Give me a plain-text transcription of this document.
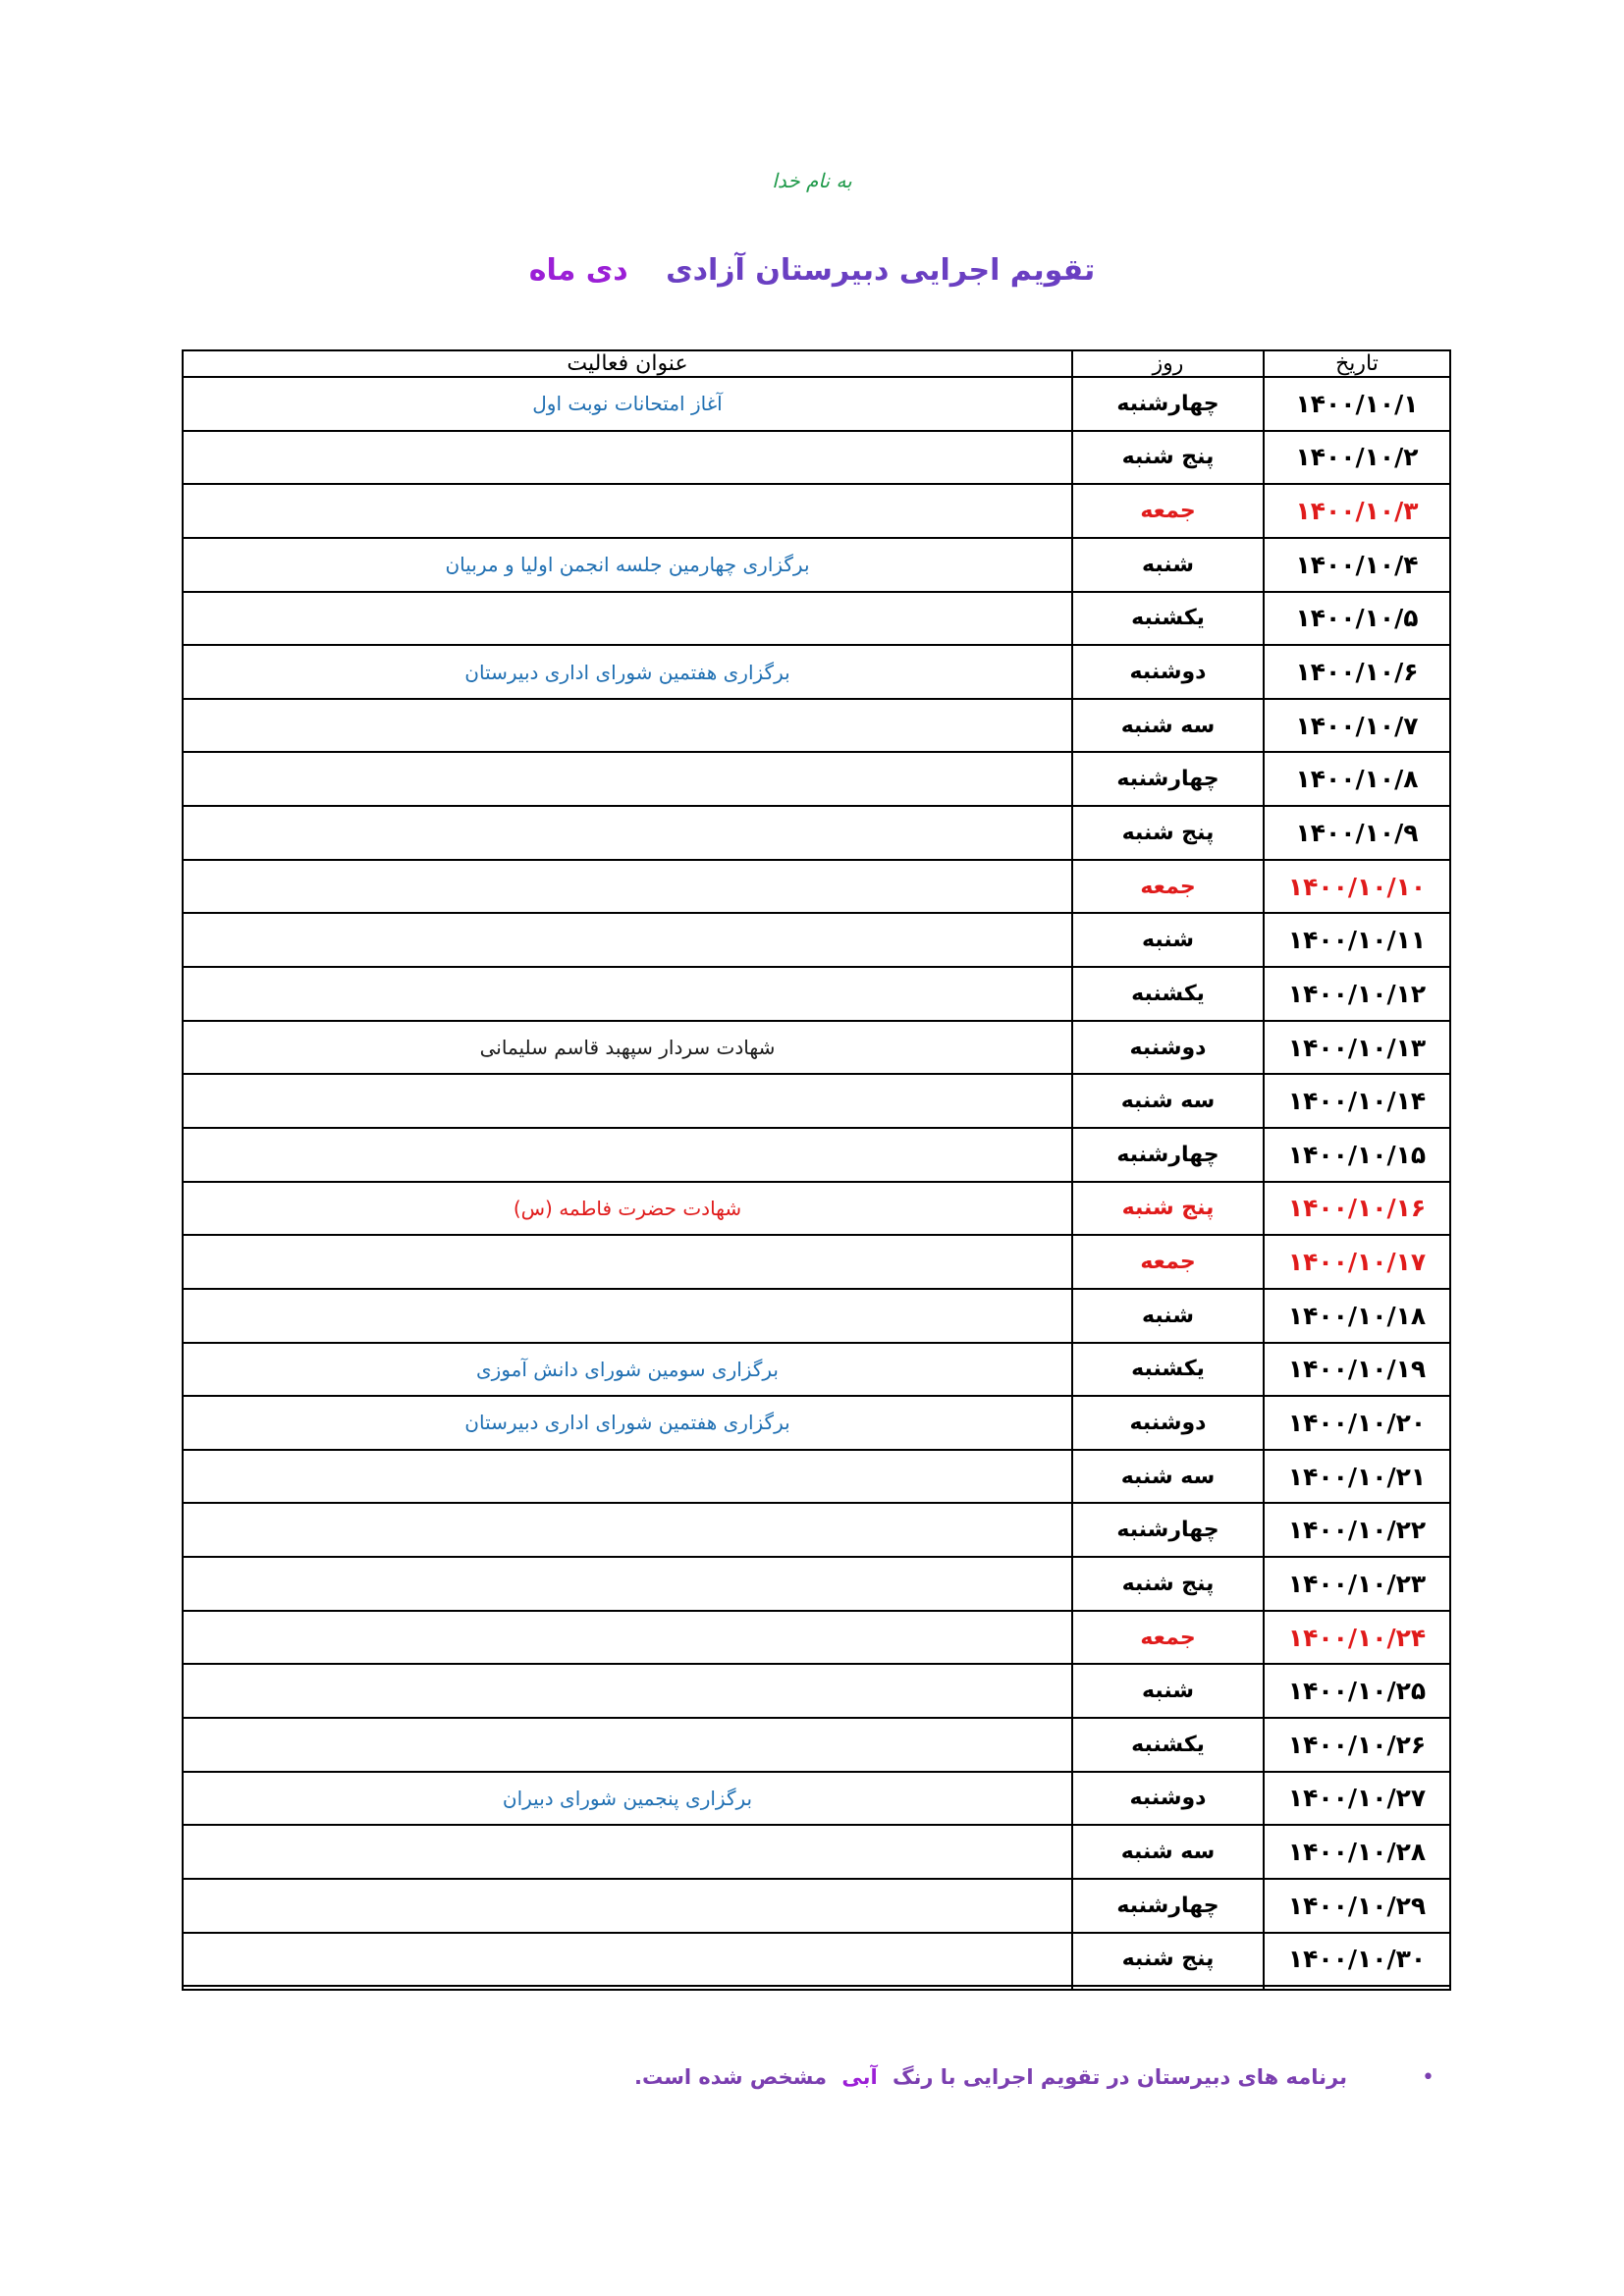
به نام خدا
تقویم اجرایی دبیرستان آزادی دی ماه
تاریخ	روز	عنوان فعالیت
۱۴۰۰/۱۰/۱	چهارشنبه	آغاز امتحانات نوبت اول
۱۴۰۰/۱۰/۲	پنج شنبه	
۱۴۰۰/۱۰/۳	جمعه	
۱۴۰۰/۱۰/۴	شنبه	برگزاری چهارمین جلسه انجمن اولیا و مربیان
۱۴۰۰/۱۰/۵	یکشنبه	
۱۴۰۰/۱۰/۶	دوشنبه	برگزاری هفتمین شورای اداری دبیرستان
۱۴۰۰/۱۰/۷	سه شنبه	
۱۴۰۰/۱۰/۸	چهارشنبه	
۱۴۰۰/۱۰/۹	پنج شنبه	
۱۴۰۰/۱۰/۱۰	جمعه	
۱۴۰۰/۱۰/۱۱	شنبه	
۱۴۰۰/۱۰/۱۲	یکشنبه	
۱۴۰۰/۱۰/۱۳	دوشنبه	شهادت سردار سپهبد قاسم سلیمانی
۱۴۰۰/۱۰/۱۴	سه شنبه	
۱۴۰۰/۱۰/۱۵	چهارشنبه	
۱۴۰۰/۱۰/۱۶	پنج شنبه	شهادت حضرت فاطمه (س)
۱۴۰۰/۱۰/۱۷	جمعه	
۱۴۰۰/۱۰/۱۸	شنبه	
۱۴۰۰/۱۰/۱۹	یکشنبه	برگزاری سومین شورای دانش آموزی
۱۴۰۰/۱۰/۲۰	دوشنبه	برگزاری هفتمین شورای اداری دبیرستان
۱۴۰۰/۱۰/۲۱	سه شنبه	
۱۴۰۰/۱۰/۲۲	چهارشنبه	
۱۴۰۰/۱۰/۲۳	پنج شنبه	
۱۴۰۰/۱۰/۲۴	جمعه	
۱۴۰۰/۱۰/۲۵	شنبه	
۱۴۰۰/۱۰/۲۶	یکشنبه	
۱۴۰۰/۱۰/۲۷	دوشنبه	برگزاری پنجمین شورای دبیران
۱۴۰۰/۱۰/۲۸	سه شنبه	
۱۴۰۰/۱۰/۲۹	چهارشنبه	
۱۴۰۰/۱۰/۳۰	پنج شنبه	

برنامه های دبیرستان در تقویم اجرایی با رنگ آبی مشخص شده است.	•
